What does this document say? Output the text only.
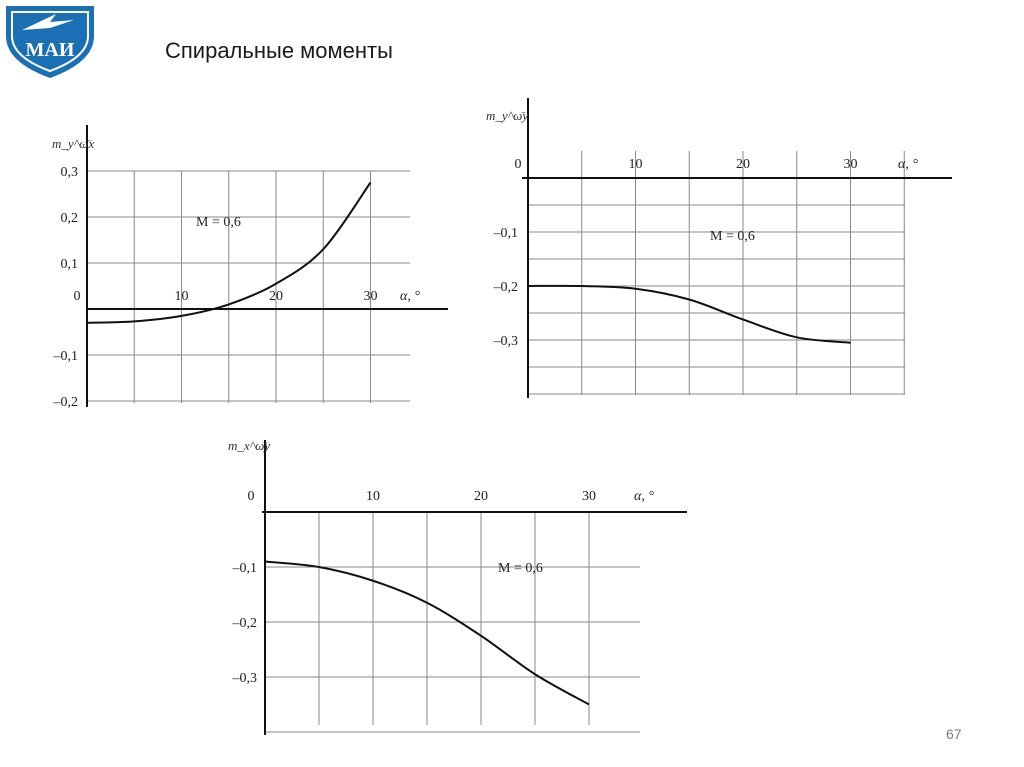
МАИ	Спиральные моменты
67
0	10	20	30
0,3
0,2
0,1
–0,1
–0,2
α, °
M = 0,6
m_y^ω̄x
0	10	20	30
–0,1
–0,2
–0,3
α, °
M = 0,6
m_y^ω̄y
0	10	20	30
–0,1
–0,2
–0,3
α, °
M = 0,6
m_x^ω̄y
